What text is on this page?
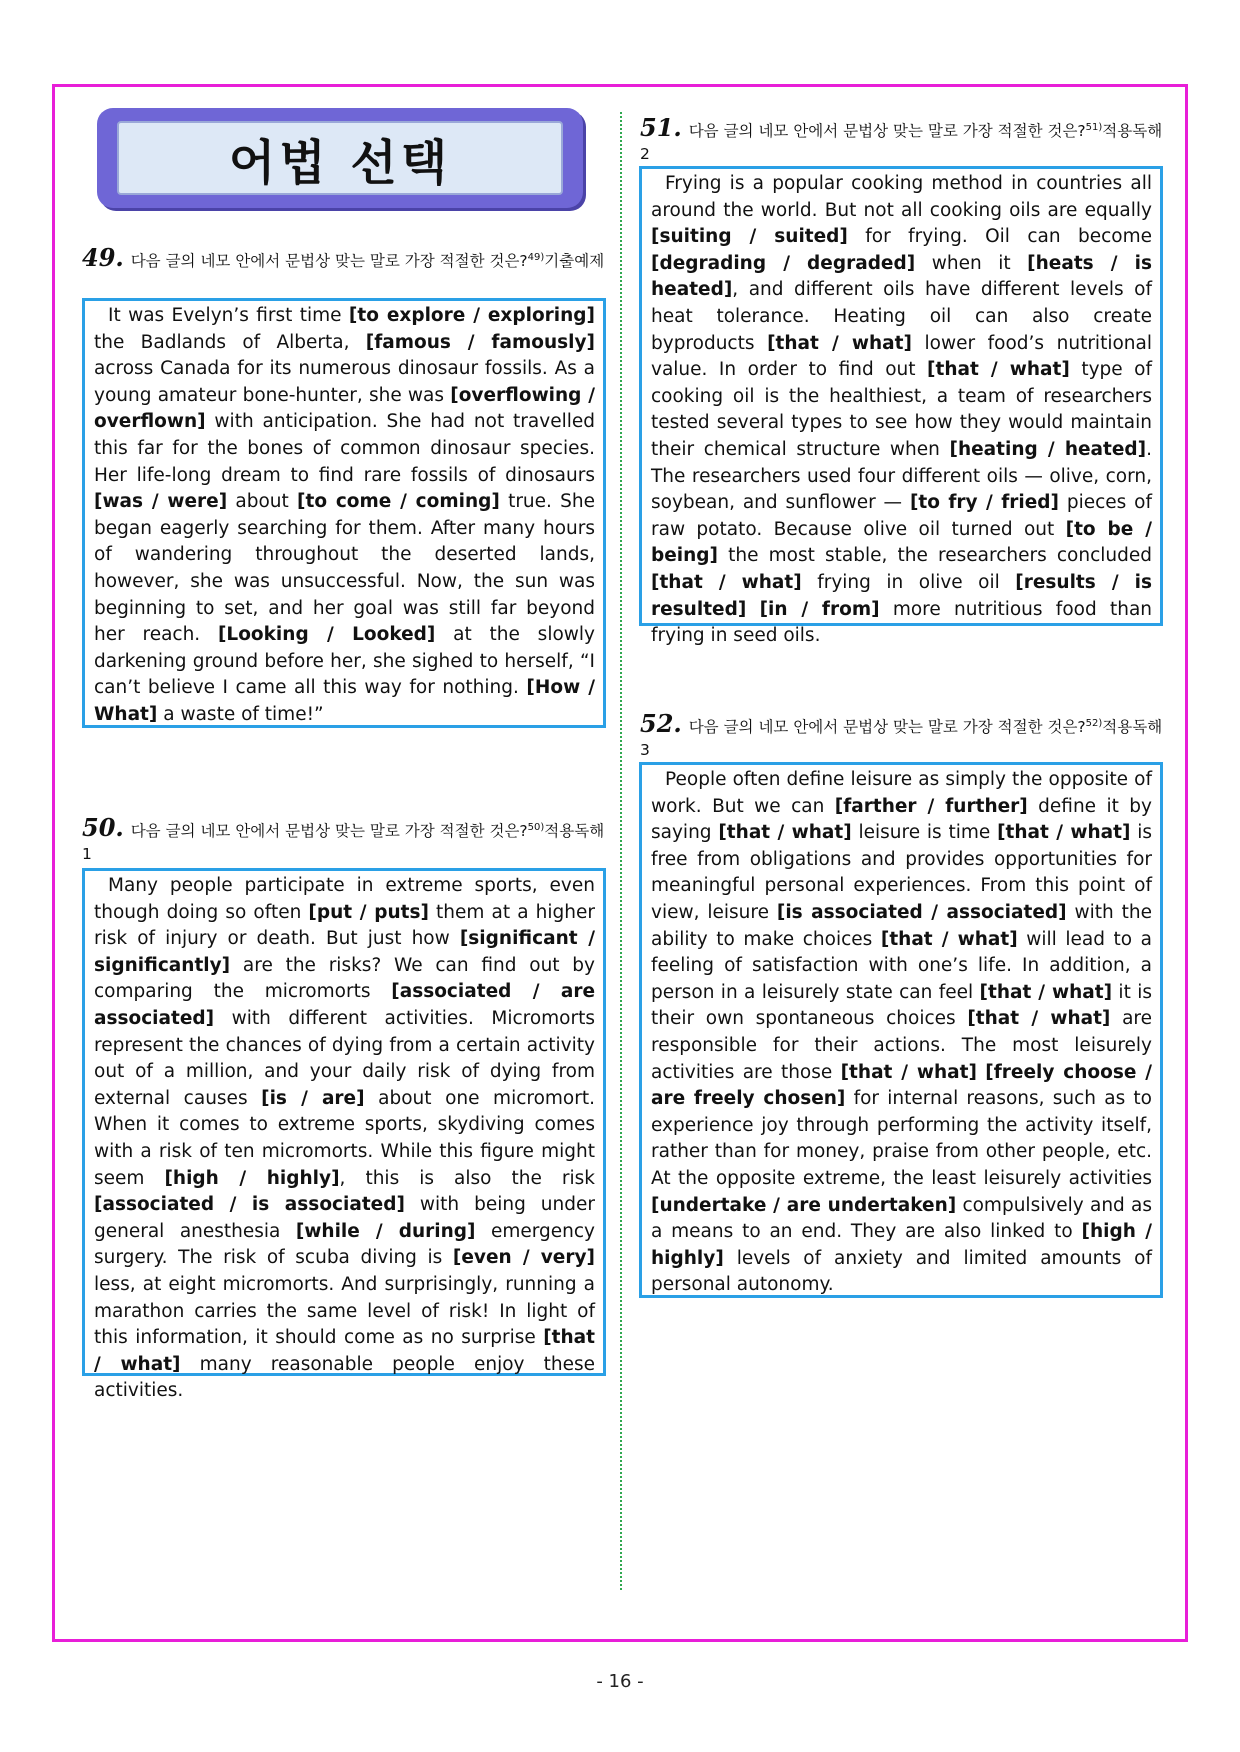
어법 선택
49. 다음 글의 네모 안에서 문법상 맞는 말로 가장 적절한 것은?$^{49)}$기출예제

It was Evelyn’s first time [to explore / exploring] the Badlands of Alberta, [famous / famously] across Canada for its numerous dinosaur fossils. As a young amateur bone-hunter, she was [overflowing / overflown] with anticipation. She had not travelled this far for the bones of common dinosaur species. Her life-long dream to find rare fossils of dinosaurs [was / were] about [to come / coming] true. She began eagerly searching for them. After many hours of wandering throughout the deserted lands, however, she was unsuccessful. Now, the sun was beginning to set, and her goal was still far beyond her reach. [Looking / Looked] at the slowly darkening ground before her, she sighed to herself, “I can’t believe I came all this way for nothing. [How / What] a waste of time!”

50. 다음 글의 네모 안에서 문법상 맞는 말로 가장 적절한 것은?$^{50)}$적용독해 1

Many people participate in extreme sports, even though doing so often [put / puts] them at a higher risk of injury or death. But just how [significant / significantly] are the risks? We can find out by comparing the micromorts [associated / are associated] with different activities. Micromorts represent the chances of dying from a certain activity out of a million, and your daily risk of dying from external causes [is / are] about one micromort. When it comes to extreme sports, skydiving comes with a risk of ten micromorts. While this figure might seem [high / highly], this is also the risk [associated / is associated] with being under general anesthesia [while / during] emergency surgery. The risk of scuba diving is [even / very] less, at eight micromorts. And surprisingly, running a marathon carries the same level of risk! In light of this information, it should come as no surprise [that / what] many reasonable people enjoy these activities.

51. 다음 글의 네모 안에서 문법상 맞는 말로 가장 적절한 것은?$^{51)}$적용독해 2

Frying is a popular cooking method in countries all around the world. But not all cooking oils are equally [suiting / suited] for frying. Oil can become [degrading / degraded] when it [heats / is heated], and different oils have different levels of heat tolerance. Heating oil can also create byproducts [that / what] lower food’s nutritional value. In order to find out [that / what] type of cooking oil is the healthiest, a team of researchers tested several types to see how they would maintain their chemical structure when [heating / heated]. The researchers used four different oils — olive, corn, soybean, and sunflower — [to fry / fried] pieces of raw potato. Because olive oil turned out [to be / being] the most stable, the researchers concluded [that / what] frying in olive oil [results / is resulted] [in / from] more nutritious food than frying in seed oils.

52. 다음 글의 네모 안에서 문법상 맞는 말로 가장 적절한 것은?$^{52)}$적용독해 3

People often define leisure as simply the opposite of work. But we can [farther / further] define it by saying [that / what] leisure is time [that / what] is free from obligations and provides opportunities for meaningful personal experiences. From this point of view, leisure [is associated / associated] with the ability to make choices [that / what] will lead to a feeling of satisfaction with one’s life. In addition, a person in a leisurely state can feel [that / what] it is their own spontaneous choices [that / what] are responsible for their actions. The most leisurely activities are those [that / what] [freely choose / are freely chosen] for internal reasons, such as to experience joy through performing the activity itself, rather than for money, praise from other people, etc. At the opposite extreme, the least leisurely activities [undertake / are undertaken] compulsively and as a means to an end. They are also linked to [high / highly] levels of anxiety and limited amounts of personal autonomy.

- 16 -
